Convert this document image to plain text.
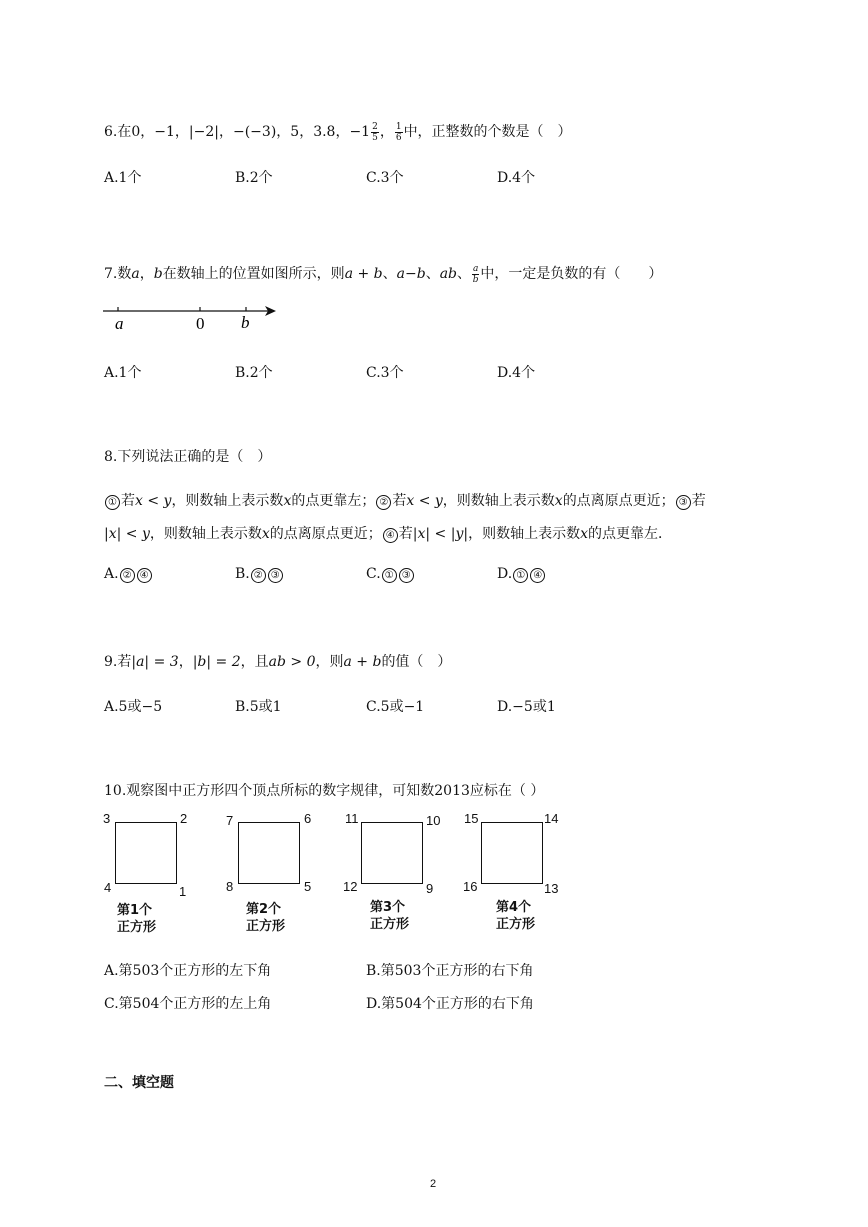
6.在0，−1，|−2|，−(−3)，5，3.8，$-1 \frac{2}{5}$ ， $\frac{1}{6}$ 中，正整数的个数是（　）
A.1个	B.2个	C.3个	D.4个
7.数a，b在数轴上的位置如图所示，则a + b、a−b、ab、 $\frac{a}{b}$ 中，一定是负数的有（　　）
a	0 b
A.1个	B.2个	C.3个	D.4个
8.下列说法正确的是（　）
① 若x < y，则数轴上表示数x的点更靠左； ② 若x < y，则数轴上表示数x的点离原点更近； ③ 若
|x| < y，则数轴上表示数x的点离原点更近； ④ 若|x| < |y|，则数轴上表示数x的点更靠左．
A. ② ④	B. ② ③	C. ① ③	D. ① ④
9.若|a| = 3，|b| = 2，且ab > 0，则a + b的值（　）
A.5或−5	B.5或1	C.5或−1	D.−5或1
10.观察图中正方形四个顶点所标的数字规律，可知数2013应标在（ ）
3	2
4	1
第1个
正方形
7	6
8	5
第2个
正方形
11	10
12	9
第3个
正方形
15	14
16	13
第4个
正方形
A.第503个正方形的左下角	B.第503个正方形的右下角
C.第504个正方形的左上角	D.第504个正方形的右下角
二、填空题
2
